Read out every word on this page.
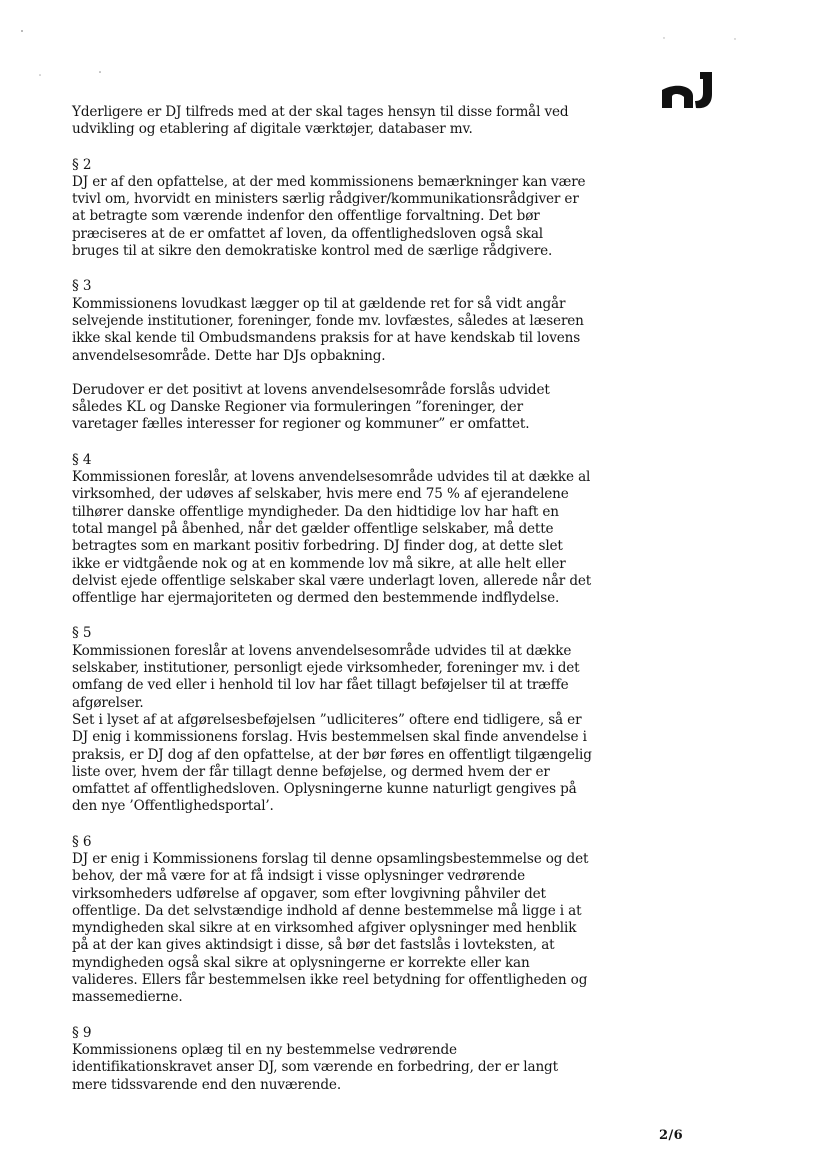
Yderligere er DJ tilfreds med at der skal tages hensyn til disse formål ved udvikling og etablering af digitale værktøjer, databaser mv.

§ 2

DJ er af den opfattelse, at der med kommissionens bemærkninger kan være tvivl om, hvorvidt en ministers særlig rådgiver/kommunikationsrådgiver er at betragte som værende indenfor den offentlige forvaltning. Det bør præciseres at de er omfattet af loven, da offentlighedsloven også skal bruges til at sikre den demokratiske kontrol med de særlige rådgivere.

§ 3

Kommissionens lovudkast lægger op til at gældende ret for så vidt angår selvejende institutioner, foreninger, fonde mv. lovfæstes, således at læseren ikke skal kende til Ombudsmandens praksis for at have kendskab til lovens anvendelsesområde. Dette har DJs opbakning.

Derudover er det positivt at lovens anvendelsesområde forslås udvidet således KL og Danske Regioner via formuleringen ”foreninger, der varetager fælles interesser for regioner og kommuner” er omfattet.

§ 4

Kommissionen foreslår, at lovens anvendelsesområde udvides til at dække al virksomhed, der udøves af selskaber, hvis mere end 75 % af ejerandelene tilhører danske offentlige myndigheder. Da den hidtidige lov har haft en total mangel på åbenhed, når det gælder offentlige selskaber, må dette betragtes som en markant positiv forbedring. DJ finder dog, at dette slet ikke er vidtgående nok og at en kommende lov må sikre, at alle helt eller delvist ejede offentlige selskaber skal være underlagt loven, allerede når det offentlige har ejermajoriteten og dermed den bestemmende indflydelse.

§ 5

Kommissionen foreslår at lovens anvendelsesområde udvides til at dække selskaber, institutioner, personligt ejede virksomheder, foreninger mv. i det omfang de ved eller i henhold til lov har fået tillagt beføjelser til at træffe afgørelser.

Set i lyset af at afgørelsesbeføjelsen ”udliciteres” oftere end tidligere, så er DJ enig i kommissionens forslag. Hvis bestemmelsen skal finde anvendelse i praksis, er DJ dog af den opfattelse, at der bør føres en offentligt tilgængelig liste over, hvem der får tillagt denne beføjelse, og dermed hvem der er omfattet af offentlighedsloven. Oplysningerne kunne naturligt gengives på den nye ’Offentlighedsportal’.

§ 6

DJ er enig i Kommissionens forslag til denne opsamlingsbestemmelse og det behov, der må være for at få indsigt i visse oplysninger vedrørende virksomheders udførelse af opgaver, som efter lovgivning påhviler det offentlige. Da det selvstændige indhold af denne bestemmelse må ligge i at myndigheden skal sikre at en virksomhed afgiver oplysninger med henblik på at der kan gives aktindsigt i disse, så bør det fastslås i lovteksten, at myndigheden også skal sikre at oplysningerne er korrekte eller kan valideres. Ellers får bestemmelsen ikke reel betydning for offentligheden og massemedierne.

§ 9

Kommissionens oplæg til en ny bestemmelse vedrørende identifikationskravet anser DJ, som værende en forbedring, der er langt mere tidssvarende end den nuværende.

2/6
